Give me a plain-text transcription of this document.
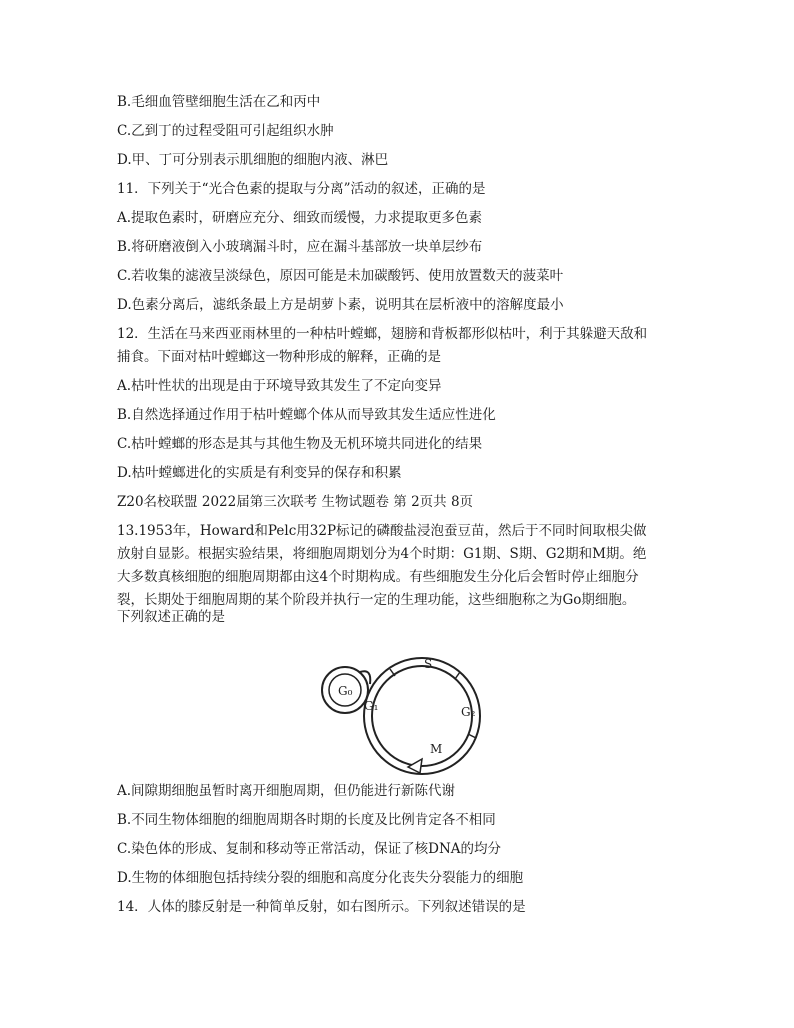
B.毛细血管壁细胞生活在乙和丙中
C.乙到丁的过程受阻可引起组织水肿
D.甲、丁可分别表示肌细胞的细胞内液、淋巴
11．下列关于“光合色素的提取与分离”活动的叙述，正确的是
A.提取色素时，研磨应充分、细致而缓慢，力求提取更多色素
B.将研磨液倒入小玻璃漏斗时，应在漏斗基部放一块单层纱布
C.若收集的滤液呈淡绿色，原因可能是未加碳酸钙、使用放置数天的菠菜叶
D.色素分离后，滤纸条最上方是胡萝卜素，说明其在层析液中的溶解度最小
12．生活在马来西亚雨林里的一种枯叶螳螂，翅膀和背板都形似枯叶，利于其躲避天敌和
捕食。下面对枯叶螳螂这一物种形成的解释，正确的是
A.枯叶性状的出现是由于环境导致其发生了不定向变异
B.自然选择通过作用于枯叶螳螂个体从而导致其发生适应性进化
C.枯叶螳螂的形态是其与其他生物及无机环境共同进化的结果
D.枯叶螳螂进化的实质是有利变异的保存和积累
Z20名校联盟 2022届第三次联考 生物试题卷 第 2页共 8页
13.1953年，Howard和Pelc用32P标记的磷酸盐浸泡蚕豆苗，然后于不同时间取根尖做
放射自显影。根据实验结果，将细胞周期划分为4个时期：G1期、S期、G2期和M期。绝
大多数真核细胞的细胞周期都由这4个时期构成。有些细胞发生分化后会暂时停止细胞分
裂，长期处于细胞周期的某个阶段并执行一定的生理功能，这些细胞称之为Go期细胞。
下列叙述正确的是
G₀
S
G₁	G₂
M
A.间隙期细胞虽暂时离开细胞周期，但仍能进行新陈代谢
B.不同生物体细胞的细胞周期各时期的长度及比例肯定各不相同
C.染色体的形成、复制和移动等正常活动，保证了核DNA的均分
D.生物的体细胞包括持续分裂的细胞和高度分化丧失分裂能力的细胞
14．人体的膝反射是一种简单反射，如右图所示。下列叙述错误的是
